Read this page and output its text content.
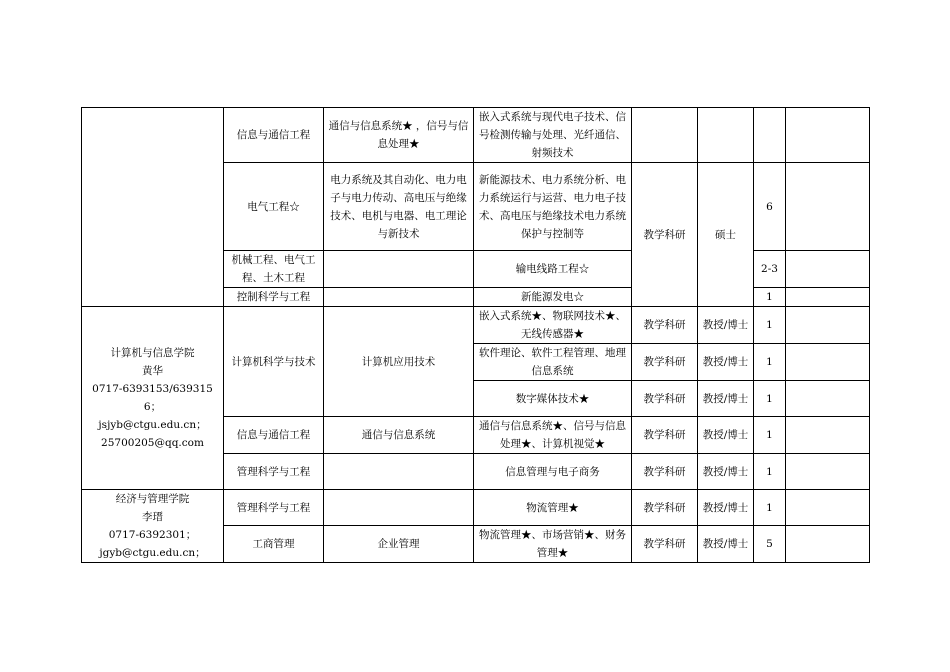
	信息与通信工程	通信与信息系统★ ，信号与信息处理★	嵌入式系统与现代电子技术、信号检测传输与处理、光纤通信、射频技术				
	电气工程☆	电力系统及其自动化、电力电子与电力传动、高电压与绝缘技术、电机与电器、电工理论与新技术	新能源技术、电力系统分析、电力系统运行与运营、电力电子技术、高电压与绝缘技术电力系统保护与控制等	教学科研	硕士	6	
	机械工程、电气工程、土木工程		输电线路工程☆			2-3	
	控制科学与工程		新能源发电☆			1	

计算机与信息学院
黄华
0717-6393153/6393156；
jsjyb@ctgu.edu.cn；
25700205@qq.com	计算机科学与技术	计算机应用技术	嵌入式系统★、物联网技术★、无线传感器★	教学科研	教授/博士	1	
			软件理论、软件工程管理、地理信息系统	教学科研	教授/博士	1	
			数字媒体技术★	教学科研	教授/博士	1	
	信息与通信工程	通信与信息系统	通信与信息系统★、信号与信息处理★、计算机视觉★	教学科研	教授/博士	1	
	管理科学与工程		信息管理与电子商务	教学科研	教授/博士	1	

经济与管理学院
李瑨
0717-6392301；
jgyb@ctgu.edu.cn；	管理科学与工程		物流管理★	教学科研	教授/博士	1	
	工商管理	企业管理	物流管理★、市场营销★、财务管理★	教学科研	教授/博士	5	
